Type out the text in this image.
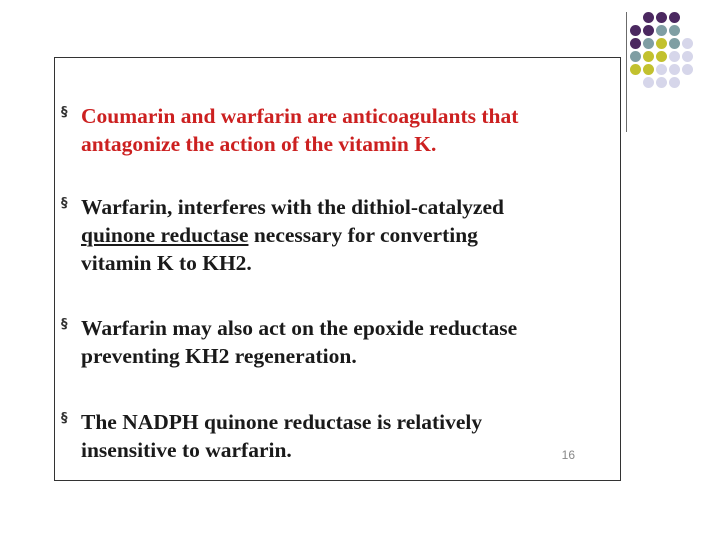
§ Coumarin and warfarin are anticoagulants that
antagonize the action of the vitamin K.
§ Warfarin, interferes with the dithiol-catalyzed
quinone reductase necessary for converting
vitamin K to KH2.
§ Warfarin may also act on the epoxide reductase
preventing KH2 regeneration.
§ The NADPH quinone reductase is relatively
insensitive to warfarin.	16
